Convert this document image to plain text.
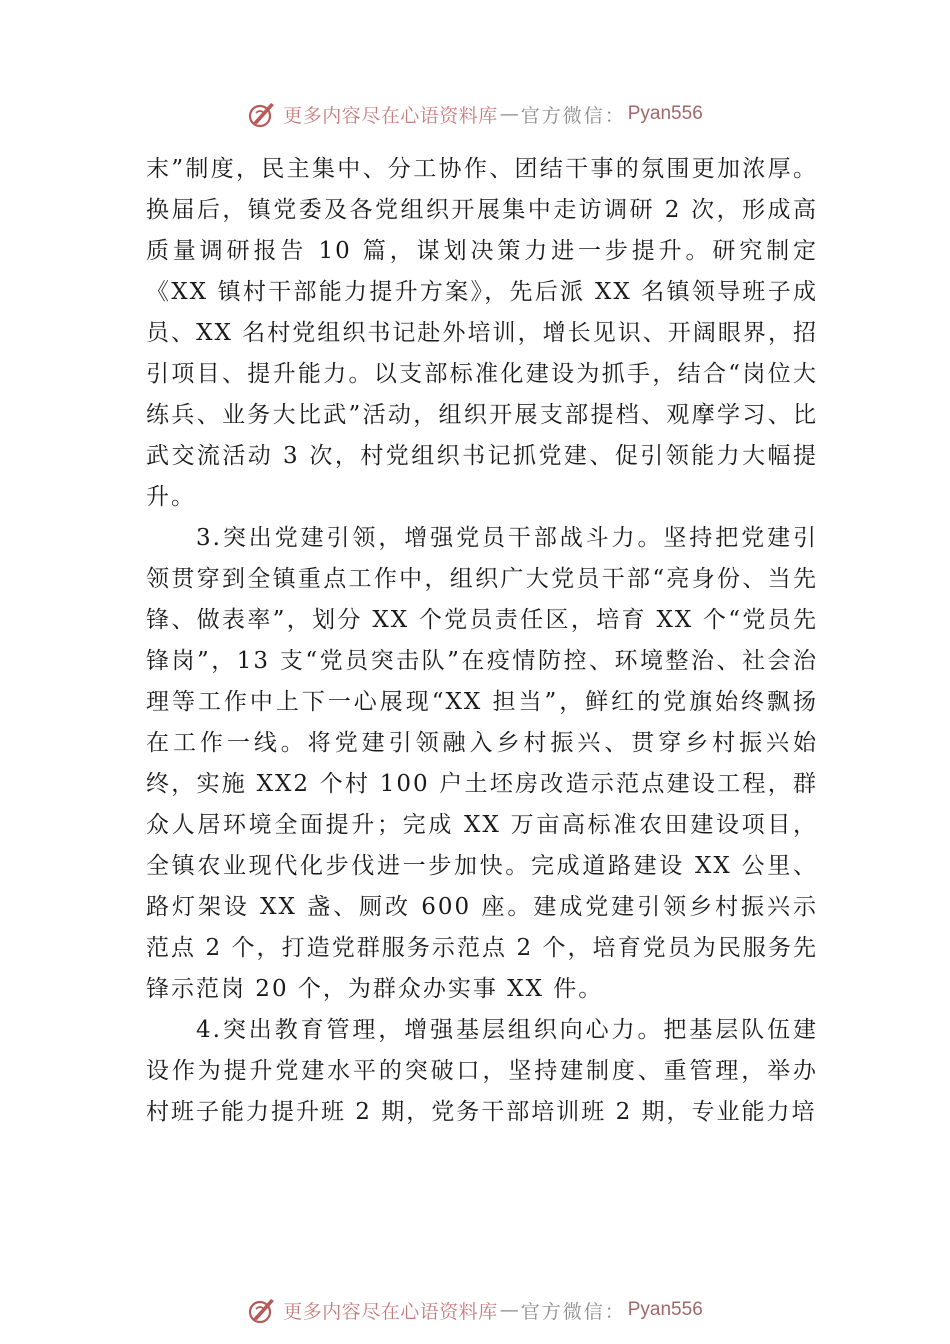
更多内容尽在心语资料库 — 官方微信： Pyan556

末”制度，民主集中、分工协作、团结干事的氛围更加浓厚。换届后，镇党委及各党组织开展集中走访调研 2 次，形成高质量调研报告 10 篇，谋划决策力进一步提升。研究制定《XX 镇村干部能力提升方案》，先后派 XX 名镇领导班子成员、XX 名村党组织书记赴外培训，增长见识、开阔眼界，招引项目、提升能力。以支部标准化建设为抓手，结合“岗位大练兵、业务大比武”活动，组织开展支部提档、观摩学习、比武交流活动 3 次，村党组织书记抓党建、促引领能力大幅提升。

3.突出党建引领，增强党员干部战斗力。坚持把党建引领贯穿到全镇重点工作中，组织广大党员干部“亮身份、当先锋、做表率”，划分 XX 个党员责任区，培育 XX 个“党员先锋岗”，13 支“党员突击队”在疫情防控、环境整治、社会治理等工作中上下一心展现“XX 担当”，鲜红的党旗始终飘扬在工作一线。将党建引领融入乡村振兴、贯穿乡村振兴始终，实施 XX2 个村 100 户土坯房改造示范点建设工程，群众人居环境全面提升；完成 XX 万亩高标准农田建设项目，全镇农业现代化步伐进一步加快。完成道路建设 XX 公里、路灯架设 XX 盏、厕改 600 座。建成党建引领乡村振兴示范点 2 个，打造党群服务示范点 2 个，培育党员为民服务先锋示范岗 20 个，为群众办实事 XX 件。

4.突出教育管理，增强基层组织向心力。把基层队伍建设作为提升党建水平的突破口，坚持建制度、重管理，举办村班子能力提升班 2 期，党务干部培训班 2 期，专业能力培

更多内容尽在心语资料库 — 官方微信： Pyan556
